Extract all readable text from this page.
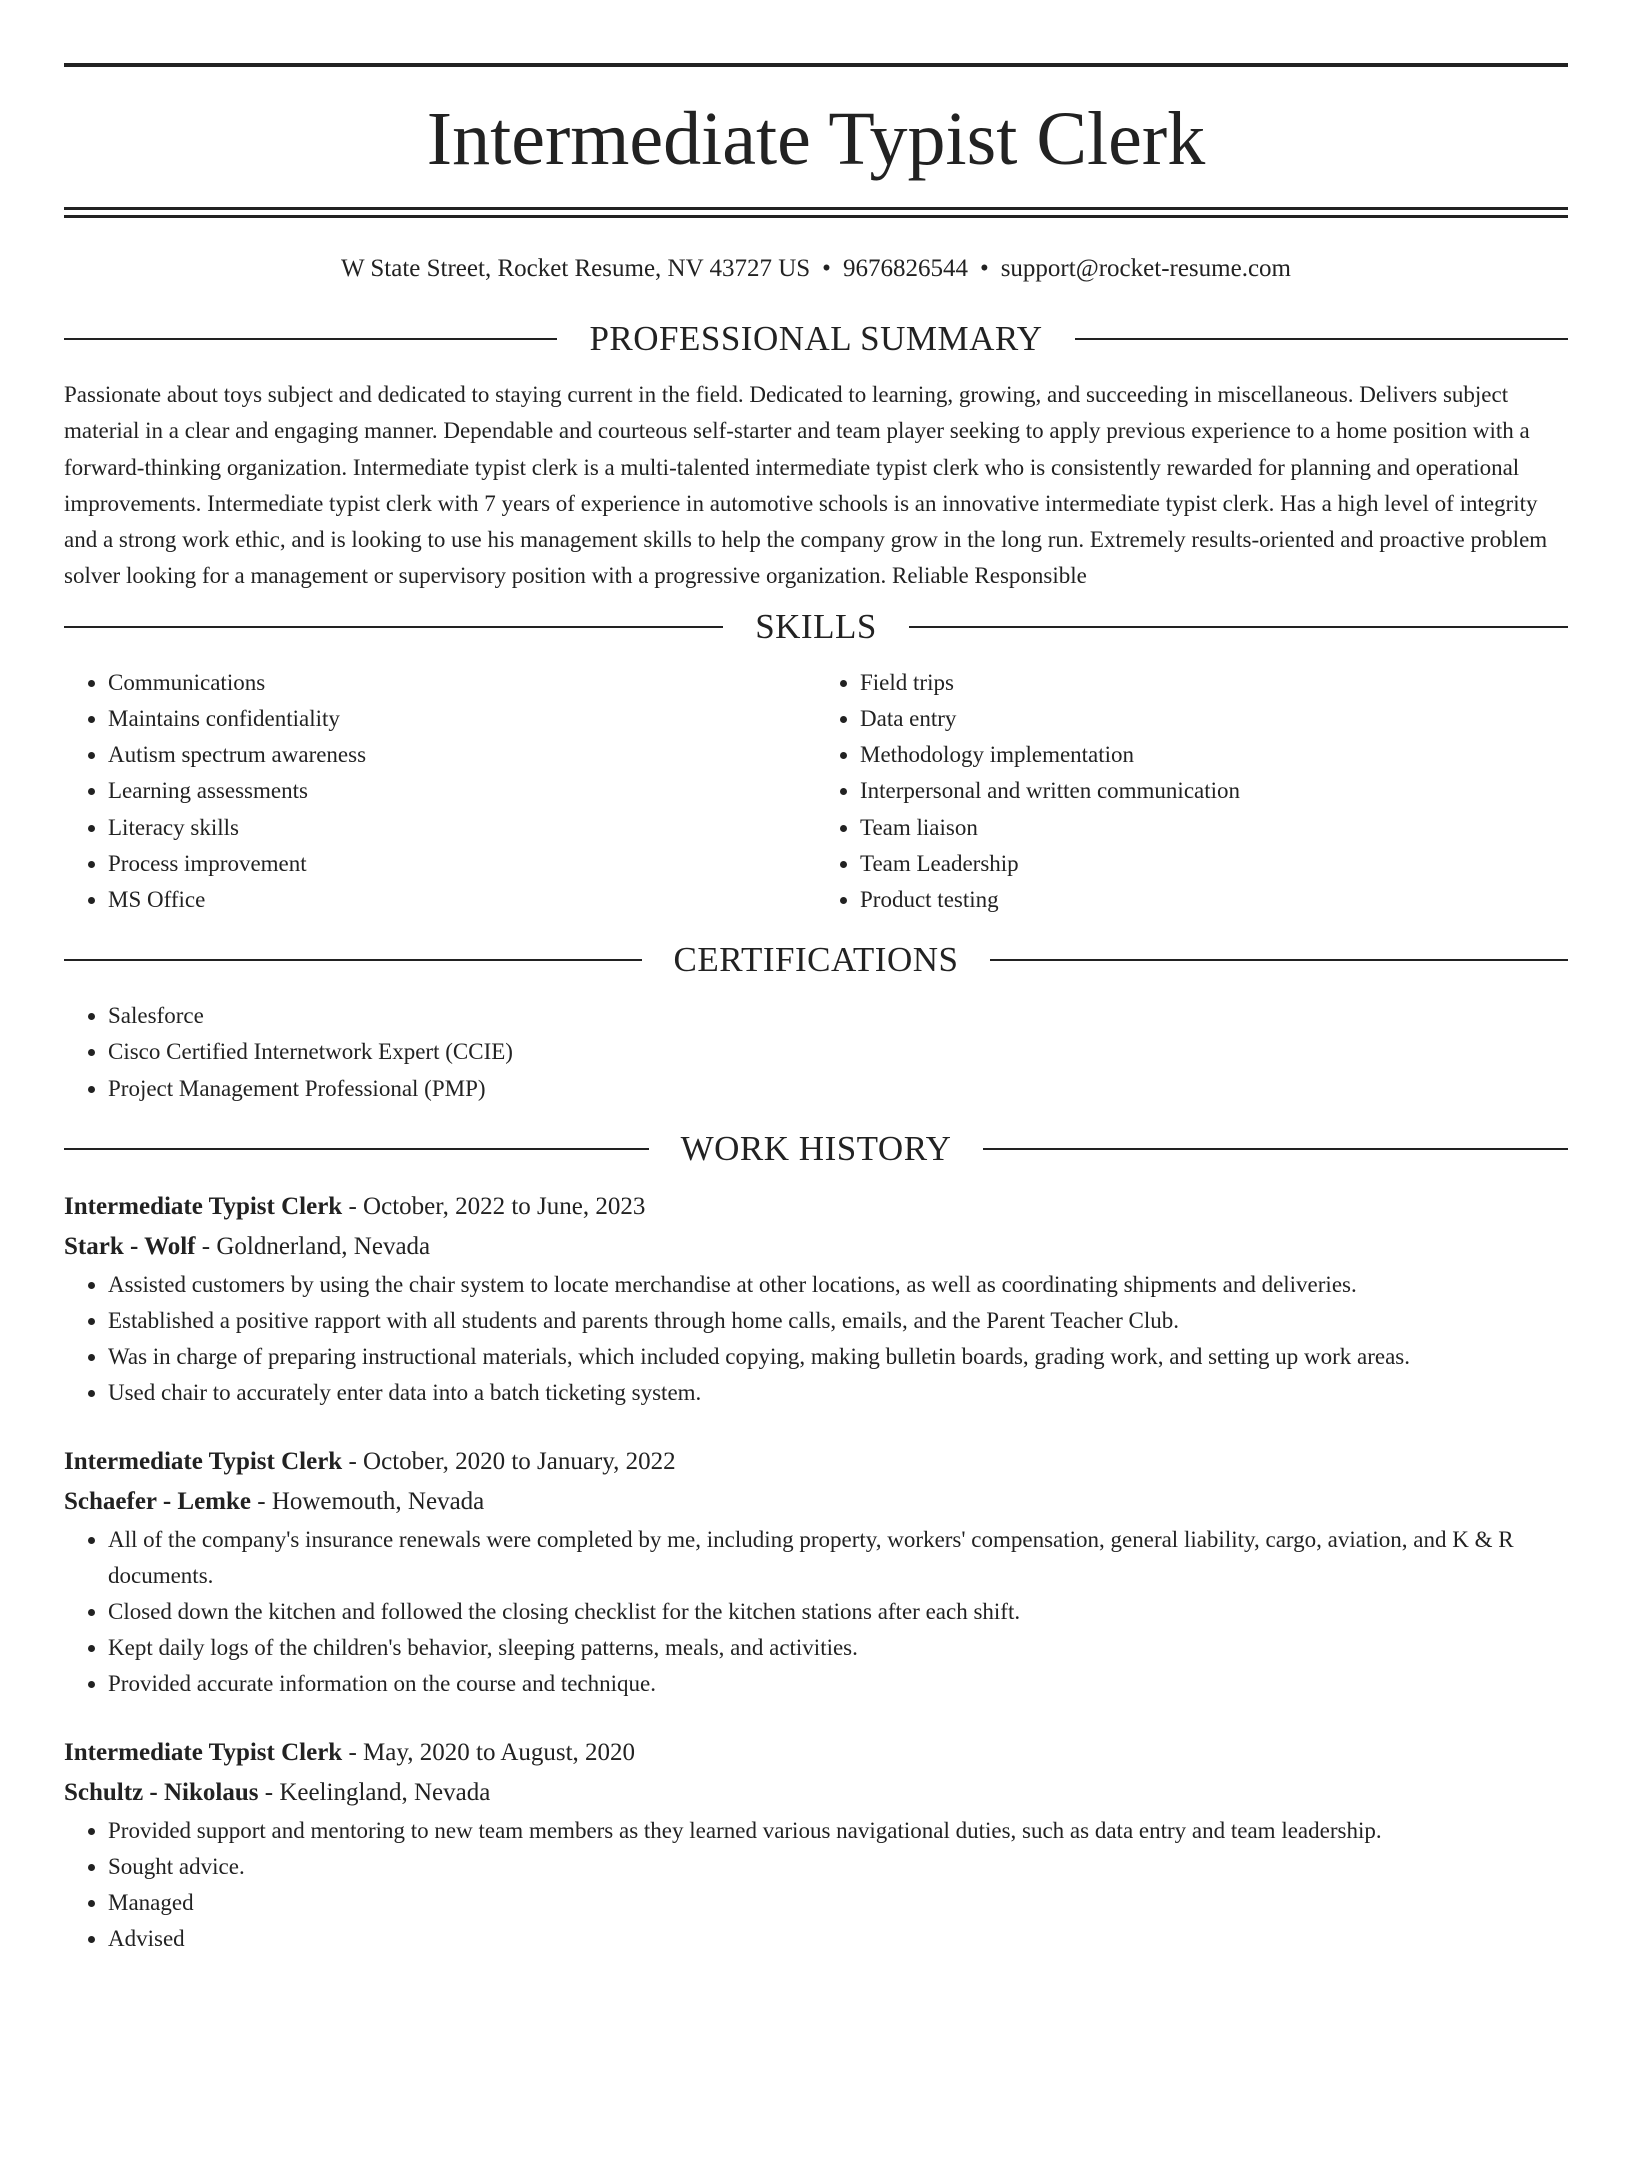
Intermediate Typist Clerk
W State Street, Rocket Resume, NV 43727 US • 9676826544 • support@rocket-resume.com
PROFESSIONAL SUMMARY

Passionate about toys subject and dedicated to staying current in the field. Dedicated to learning, growing, and succeeding in miscellaneous. Delivers subject material in a clear and engaging manner. Dependable and courteous self-starter and team player seeking to apply previous experience to a home position with a forward-thinking organization. Intermediate typist clerk is a multi-talented intermediate typist clerk who is consistently rewarded for planning and operational improvements. Intermediate typist clerk with 7 years of experience in automotive schools is an innovative intermediate typist clerk. Has a high level of integrity and a strong work ethic, and is looking to use his management skills to help the company grow in the long run. Extremely results-oriented and proactive problem solver looking for a management or supervisory position with a progressive organization. Reliable Responsible

SKILLS
• Communications
• Maintains confidentiality
• Autism spectrum awareness
• Learning assessments
• Literacy skills
• Process improvement
• MS Office
• Field trips
• Data entry
• Methodology implementation
• Interpersonal and written communication
• Team liaison
• Team Leadership
• Product testing
CERTIFICATIONS
• Salesforce
• Cisco Certified Internetwork Expert (CCIE)
• Project Management Professional (PMP)
WORK HISTORY
Intermediate Typist Clerk - October, 2022 to June, 2023
Stark - Wolf - Goldnerland, Nevada
• Assisted customers by using the chair system to locate merchandise at other locations, as well as coordinating shipments and deliveries.
• Established a positive rapport with all students and parents through home calls, emails, and the Parent Teacher Club.
• Was in charge of preparing instructional materials, which included copying, making bulletin boards, grading work, and setting up work areas.
• Used chair to accurately enter data into a batch ticketing system.
Intermediate Typist Clerk - October, 2020 to January, 2022
Schaefer - Lemke - Howemouth, Nevada
• All of the company's insurance renewals were completed by me, including property, workers' compensation, general liability, cargo, aviation, and K & R documents.
• Closed down the kitchen and followed the closing checklist for the kitchen stations after each shift.
• Kept daily logs of the children's behavior, sleeping patterns, meals, and activities.
• Provided accurate information on the course and technique.
Intermediate Typist Clerk - May, 2020 to August, 2020
Schultz - Nikolaus - Keelingland, Nevada
• Provided support and mentoring to new team members as they learned various navigational duties, such as data entry and team leadership.
• Sought advice.
• Managed
• Advised
